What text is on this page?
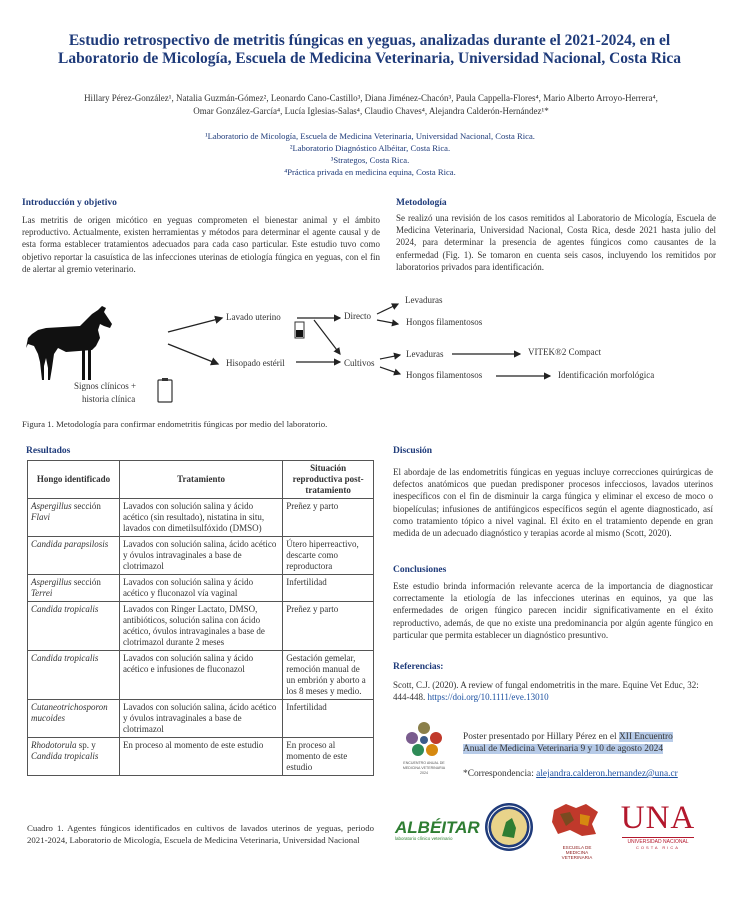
Estudio retrospectivo de metritis fúngicas en yeguas, analizadas durante el 2021-2024, en el
Laboratorio de Micología, Escuela de Medicina Veterinaria, Universidad Nacional, Costa Rica
Hillary Pérez-González¹, Natalia Guzmán-Gómez², Leonardo Cano-Castillo³, Diana Jiménez-Chacón³, Paula Cappella-Flores⁴, Mario Alberto Arroyo-Herrera⁴,
Omar González-García⁴, Lucía Iglesias-Salas⁴, Claudio Chaves⁴, Alejandra Calderón-Hernández¹*
¹Laboratorio de Micología, Escuela de Medicina Veterinaria, Universidad Nacional, Costa Rica.
²Laboratorio Diagnóstico Albéitar, Costa Rica.
³Strategos, Costa Rica.
⁴Práctica privada en medicina equina, Costa Rica.
Introducción y objetivo
Las metritis de origen micótico en yeguas comprometen el bienestar animal y el ámbito reproductivo. Actualmente, existen herramientas y métodos para determinar el agente causal y de esta forma establecer tratamientos adecuados para cada caso particular. Este estudio tuvo como objetivo reportar la casuística de las infecciones uterinas de etiología fúngica en yeguas, con el fin de alertar al gremio veterinario.
Metodología
Se realizó una revisión de los casos remitidos al Laboratorio de Micología, Escuela de Medicina Veterinaria, Universidad Nacional, Costa Rica, desde 2021 hasta julio del 2024, para determinar la presencia de agentes fúngicos como causantes de la enfermedad (Fig. 1). Se tomaron en cuenta seis casos, incluyendo los remitidos por laboratorios privados para identificación.
Signos clínicos +
historia clínica
Lavado uterino
Hisopado estéril
Directo
Cultivos
Levaduras
Hongos filamentosos
Levaduras
Hongos filamentosos
VITEK®2 Compact
Identificación morfológica
Figura 1. Metodología para confirmar endometritis fúngicas por medio del laboratorio.
Resultados
Hongo identificado	Tratamiento	Situación reproductiva post-tratamiento
Aspergillus sección
Flavi	Lavados con solución salina y ácido acético (sin resultado), nistatina in situ, lavados con dimetilsulfóxido (DMSO)	Preñez y parto
Candida parapsilosis	Lavados con solución salina, ácido acético y óvulos intravaginales a base de clotrimazol	Útero hiperreactivo, descarte como reproductora
Aspergillus sección
Terrei	Lavados con solución salina y ácido acético y fluconazol vía vaginal	Infertilidad
Candida tropicalis	Lavados con Ringer Lactato, DMSO, antibióticos, solución salina con ácido acético, óvulos intravaginales a base de clotrimazol durante 2 meses	Preñez y parto
Candida tropicalis	Lavados con solución salina y ácido acético e infusiones de fluconazol	Gestación gemelar, remoción manual de un embrión y aborto a los 8 meses y medio.
Cutaneotrichosporon mucoides	Lavados con solución salina, ácido acético y óvulos intravaginales a base de clotrimazol	Infertilidad
Rhodotorula sp. y
Candida tropicalis	En proceso al momento de este estudio	En proceso al momento de este estudio
Cuadro 1. Agentes fúngicos identificados en cultivos de lavados uterinos de yeguas, periodo 2021-2024, Laboratorio de Micología, Escuela de Medicina Veterinaria, Universidad Nacional
Discusión
El abordaje de las endometritis fúngicas en yeguas incluye correcciones quirúrgicas de defectos anatómicos que puedan predisponer procesos infecciosos, lavados uterinos inespecíficos con el fin de disminuir la carga fúngica y eliminar el exceso de moco o biopelículas; infusiones de antifúngicos específicos según el agente diagnosticado, así como tratamiento tópico a nivel vaginal. El éxito en el tratamiento depende en gran medida de un adecuado diagnóstico y terapias acorde al mismo (Scott, 2020).
Conclusiones
Este estudio brinda información relevante acerca de la importancia de diagnosticar correctamente la etiología de las infecciones uterinas en equinos, ya que las enfermedades de origen fúngico parecen incidir significativamente en el éxito reproductivo, además, de que no existe una predominancia por algún agente fúngico en particular que permita establecer un diagnóstico presuntivo.
Referencias:
Scott, C.J. (2020). A review of fungal endometritis in the mare. Equine Vet Educ, 32: 444-448. https://doi.org/10.1111/eve.13010
ENCUENTRO ANUAL DE
MEDICINA VETERINARIA
2024
Poster presentado por Hillary Pérez en el XII Encuentro
Anual de Medicina Veterinaria 9 y 10 de agosto 2024
*Correspondencia: alejandra.calderon.hernandez@una.cr
ALBÉITAR
laboratorio clínico veterinario
ESCUELA DE
MEDICINA
VETERINARIA
UNA
UNIVERSIDAD NACIONAL
COSTA RICA
